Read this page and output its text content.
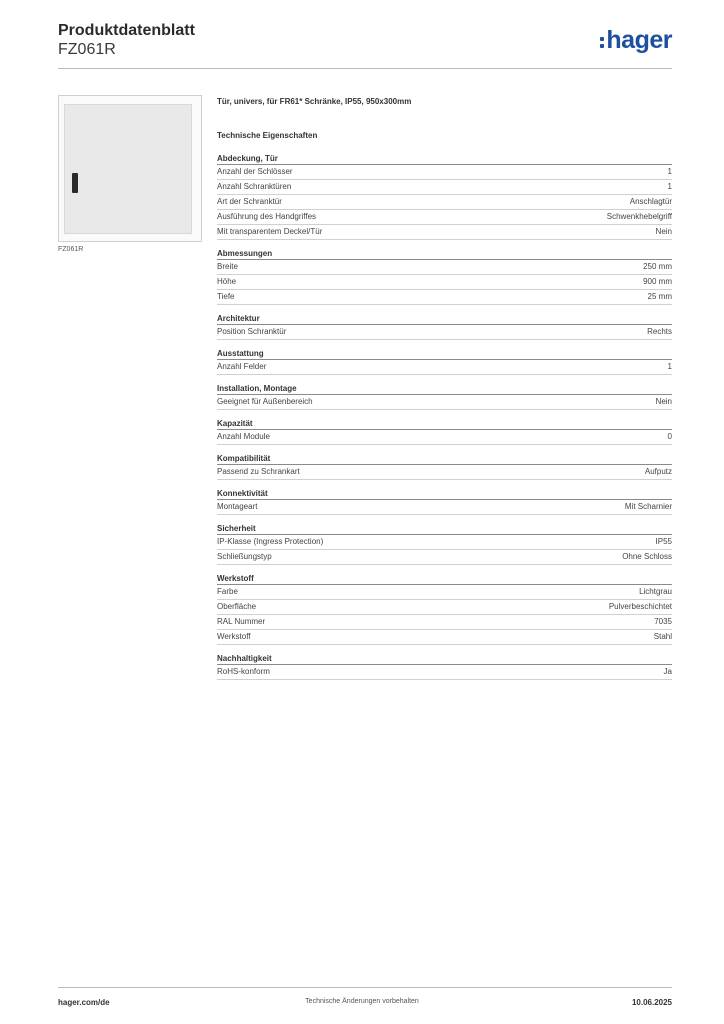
Produktdatenblatt
FZ061R	hager
FZ061R
Tür, univers, für FR61* Schränke, IP55, 950x300mm
Technische Eigenschaften
Abdeckung, Tür
Anzahl der Schlösser	1
Anzahl Schranktüren	1
Art der Schranktür	Anschlagtür
Ausführung des Handgriffes	Schwenkhebelgriff
Mit transparentem Deckel/Tür	Nein
Abmessungen
Breite	250 mm
Höhe	900 mm
Tiefe	25 mm
Architektur
Position Schranktür	Rechts
Ausstattung
Anzahl Felder	1
Installation, Montage
Geeignet für Außenbereich	Nein
Kapazität
Anzahl Module	0
Kompatibilität
Passend zu Schrankart	Aufputz
Konnektivität
Montageart	Mit Scharnier
Sicherheit
IP-Klasse (Ingress Protection)	IP55
Schließungstyp	Ohne Schloss
Werkstoff
Farbe	Lichtgrau
Oberfläche	Pulverbeschichtet
RAL Nummer	7035
Werkstoff	Stahl
Nachhaltigkeit
RoHS-konform	Ja
hager.com/de	Technische Änderungen vorbehalten	10.06.2025
